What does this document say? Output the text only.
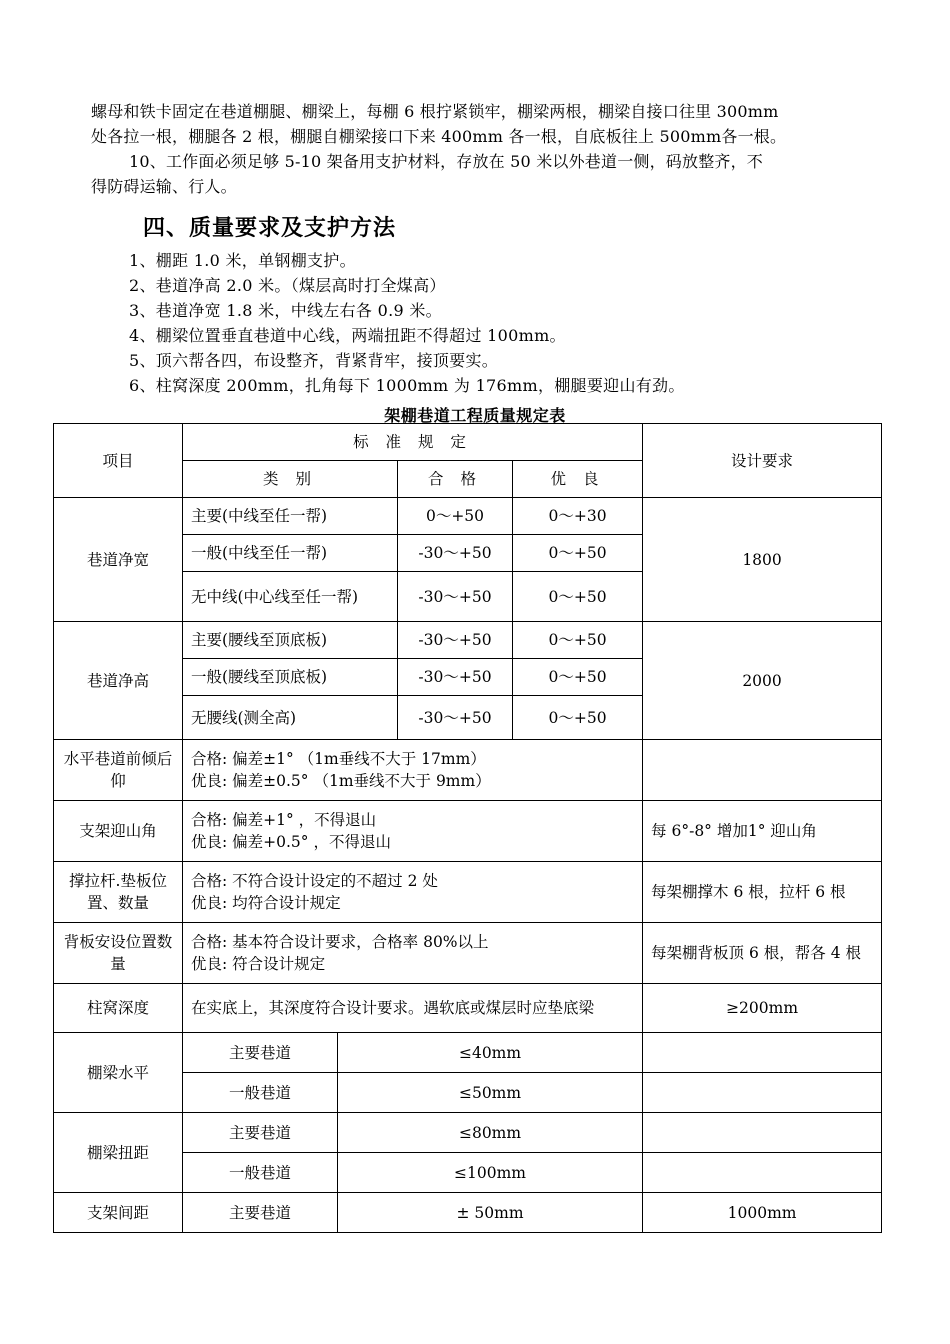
螺母和铁卡固定在巷道棚腿、棚梁上，每棚 6 根拧紧锁牢，棚梁两根，棚梁自接口往里 300mm
处各拉一根，棚腿各 2 根，棚腿自棚梁接口下来 400mm 各一根，自底板往上 500mm各一根。
10、工作面必须足够 5-10 架备用支护材料，存放在 50 米以外巷道一侧，码放整齐，不
得防碍运输、行人。
四、质量要求及支护方法
1、棚距 1.0 米，单钢棚支护。
2、巷道净高 2.0 米。（煤层高时打全煤高）
3、巷道净宽 1.8 米，中线左右各 0.9 米。
4、棚梁位置垂直巷道中心线，两端扭距不得超过 100mm。
5、顶六帮各四，布设整齐，背紧背牢，接顶要实。
6、柱窝深度 200mm，扎角每下 1000mm 为 176mm，棚腿要迎山有劲。
架棚巷道工程质量规定表
项目	标 准 规 定				设计要求
	类 别		合 格	优 良	
巷道净宽	主要(中线至任一帮)		0～+50	0～+30	1800
	一般(中线至任一帮)		-30～+50	0～+50	
	无中线(中心线至任一帮)		-30～+50	0～+50	
巷道净高	主要(腰线至顶底板)		-30～+50	0～+50	2000
	一般(腰线至顶底板)		-30～+50	0～+50	
	无腰线(测全高)		-30～+50	0～+50	
水平巷道前倾后仰	合格: 偏差±1° （1m垂线不大于 17mm）
优良: 偏差±0.5° （1m垂线不大于 9mm）				

支架迎山角	合格: 偏差+1° ，不得退山
优良: 偏差+0.5° ，不得退山				每 6°-8° 增加1° 迎山角
撑拉杆.垫板位置、数量	合格: 不符合设计设定的不超过 2 处
优良: 均符合设计规定				每架棚撑木 6 根，拉杆 6 根
背板安设位置数量	合格: 基本符合设计要求，合格率 80%以上
优良: 符合设计规定				每架棚背板顶 6 根，帮各 4 根
柱窝深度	在实底上，其深度符合设计要求。遇软底或煤层时应垫底梁				≥200mm
棚梁水平	主要巷道	≤40mm			
	一般巷道	≤50mm			
棚梁扭距	主要巷道	≤80mm			
	一般巷道	≤100mm			
支架间距	主要巷道	± 50mm			1000mm
